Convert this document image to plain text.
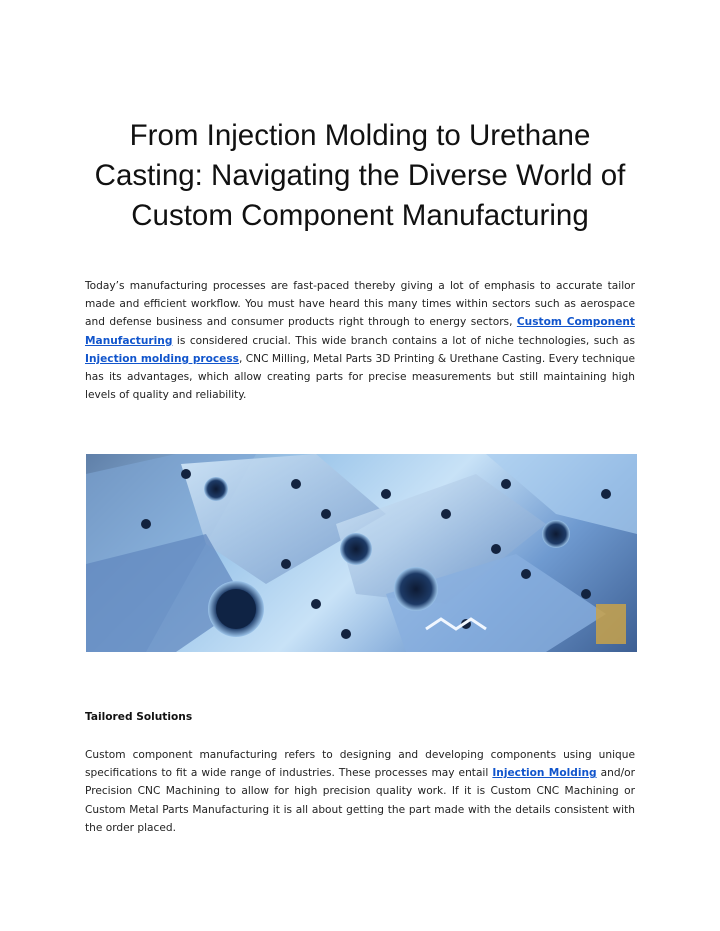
From Injection Molding to Urethane
Casting: Navigating the Diverse World of
Custom Component Manufacturing

Today’s manufacturing processes are fast-paced thereby giving a lot of emphasis to accurate tailor made and efficient workflow. You must have heard this many times within sectors such as aerospace and defense business and consumer products right through to energy sectors, Custom Component Manufacturing is considered crucial. This wide branch contains a lot of niche technologies, such as Injection molding process, CNC Milling, Metal Parts 3D Printing & Urethane Casting. Every technique has its advantages, which allow creating parts for precise measurements but still maintaining high levels of quality and reliability.

Tailored Solutions

Custom component manufacturing refers to designing and developing components using unique specifications to fit a wide range of industries. These processes may entail Injection Molding and/or Precision CNC Machining to allow for high precision quality work. If it is Custom CNC Machining or Custom Metal Parts Manufacturing it is all about getting the part made with the details consistent with the order placed.
